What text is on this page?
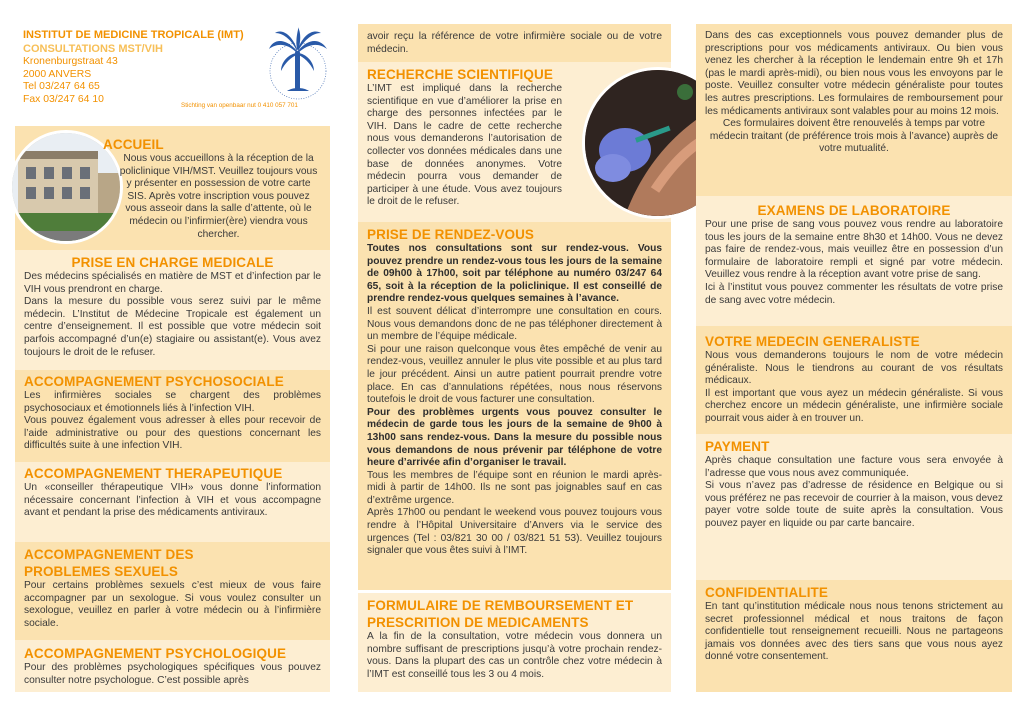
INSTITUT DE MEDICINE TROPICALE (IMT)
CONSULTATIONS MST/VIH
Kronenburgstraat 43
2000 ANVERS
Tel 03/247 64 65
Fax 03/247 64 10
Stichting van openbaar nut 0 410 057 701
ACCUEIL

Nous vous accueillons à la réception de la policlinique VIH/MST. Veuillez toujours vous y présenter en possession de votre carte SIS. Après votre inscription vous pouvez vous asseoir dans la salle d’attente, où le médecin ou l’infirmier(ère) viendra vous chercher.

PRISE EN CHARGE MEDICALE

Des médecins spécialisés en matière de MST et d’infection par le VIH vous prendront en charge.

Dans la mesure du possible vous serez suivi par le même médecin. L’Institut de Médecine Tropicale est également un centre d’enseignement. Il est possible que votre médecin soit parfois accompagné d’un(e) stagiaire ou assistant(e). Vous avez toujours le droit de le refuser.

ACCOMPAGNEMENT PSYCHOSOCIALE

Les infirmières sociales se chargent des problèmes psychosociaux et émotionnels liés à l’infection VIH.

Vous pouvez également vous adresser à elles pour recevoir de l’aide administrative ou pour des questions concernant les difficultés suite à une infection VIH.

ACCOMPAGNEMENT THERAPEUTIQUE

Un «conseiller thérapeutique VIH» vous donne l’information nécessaire concernant l’infection à VIH et vous accompagne avant et pendant la prise des médicaments antiviraux.

ACCOMPAGNEMENT DES PROBLEMES SEXUELS

Pour certains problèmes sexuels c’est mieux de vous faire accompagner par un sexologue. Si vous voulez consulter un sexologue, veuillez en parler à votre médecin ou à l’infirmière sociale.

ACCOMPAGNEMENT PSYCHOLOGIQUE

Pour des problèmes psychologiques spécifiques vous pouvez consulter notre psychologue. C’est possible après

avoir reçu la référence de votre infirmière sociale ou de votre médecin.

RECHERCHE SCIENTIFIQUE

L’IMT est impliqué dans la recherche scientifique en vue d’améliorer la prise en charge des personnes infectées par le VIH. Dans le cadre de cette recherche nous vous demanderons l’autorisation de collecter vos données médicales dans une base de données anonymes. Votre médecin pourra vous demander de participer à une étude. Vous avez toujours le droit de le refuser.

PRISE DE RENDEZ-VOUS

Toutes nos consultations sont sur rendez-vous. Vous pouvez prendre un rendez-vous tous les jours de la semaine de 09h00 à 17h00, soit par téléphone au numéro 03/247 64 65, soit à la réception de la policlinique. Il est conseillé de prendre rendez-vous quelques semaines à l’avance.

Il est souvent délicat d’interrompre une consultation en cours. Nous vous demandons donc de ne pas téléphoner directement à un membre de l’équipe médicale.

Si pour une raison quelconque vous êtes empêché de venir au rendez-vous, veuillez annuler le plus vite possible et au plus tard le jour précédent. Ainsi un autre patient pourrait prendre votre place. En cas d’annulations répétées, nous nous réservons toutefois le droit de vous facturer une consultation.

Pour des problèmes urgents vous pouvez consulter le médecin de garde tous les jours de la semaine de 9h00 à 13h00 sans rendez-vous. Dans la mesure du possible nous vous demandons de nous prévenir par téléphone de votre heure d’arrivée afin d’organiser le travail.

Tous les membres de l’équipe sont en réunion le mardi après-midi à partir de 14h00. Ils ne sont pas joignables sauf en cas d’extrême urgence.

Après 17h00 ou pendant le weekend vous pouvez toujours vous rendre à l’Hôpital Universitaire d’Anvers via le service des urgences (Tel : 03/821 30 00 / 03/821 51 53). Veuillez toujours signaler que vous êtes suivi à l’IMT.

FORMULAIRE DE REMBOURSEMENT ET PRESCRITION DE MEDICAMENTS

A la fin de la consultation, votre médecin vous donnera un nombre suffisant de prescriptions jusqu’à votre prochain rendez-vous. Dans la plupart des cas un contrôle chez votre médecin à l’IMT est conseillé tous les 3 ou 4 mois.

Dans des cas exceptionnels vous pouvez demander plus de prescriptions pour vos médicaments antiviraux. Ou bien vous venez les chercher à la réception le lendemain entre 9h et 17h (pas le mardi après-midi), ou bien nous vous les envoyons par le poste. Veuillez consulter votre médecin généraliste pour toutes les autres prescriptions. Les formulaires de remboursement pour les médicaments antiviraux sont valables pour au moins 12 mois.

Ces formulaires doivent être renouvelés à temps par votre médecin traitant (de préférence trois mois à l’avance) auprès de votre mutualité.

EXAMENS DE LABORATOIRE

Pour une prise de sang vous pouvez vous rendre au laboratoire tous les jours de la semaine entre 8h30 et 14h00. Vous ne devez pas faire de rendez-vous, mais veuillez être en possession d’un formulaire de laboratoire rempli et signé par votre médecin. Veuillez vous rendre à la réception avant votre prise de sang.

Ici à l’institut vous pouvez commenter les résultats de votre prise de sang avec votre médecin.

VOTRE MEDECIN GENERALISTE

Nous vous demanderons toujours le nom de votre médecin généraliste. Nous le tiendrons au courant de vos résultats médicaux.

Il est important que vous ayez un médecin généraliste. Si vous cherchez encore un médecin généraliste, une infirmière sociale pourrait vous aider à en trouver un.

PAYMENT

Après chaque consultation une facture vous sera envoyée à l’adresse que vous nous avez communiquée.

Si vous n’avez pas d’adresse de résidence en Belgique ou si vous préférez ne pas recevoir de courrier à la maison, vous devez payer votre solde toute de suite après la consultation. Vous pouvez payer en liquide ou par carte bancaire.

CONFIDENTIALITE

En tant qu’institution médicale nous nous tenons strictement au secret professionnel médical et nous traitons de façon confidentielle tout renseignement recueilli. Nous ne partageons jamais vos données avec des tiers sans que vous nous ayez donné votre consentement.
